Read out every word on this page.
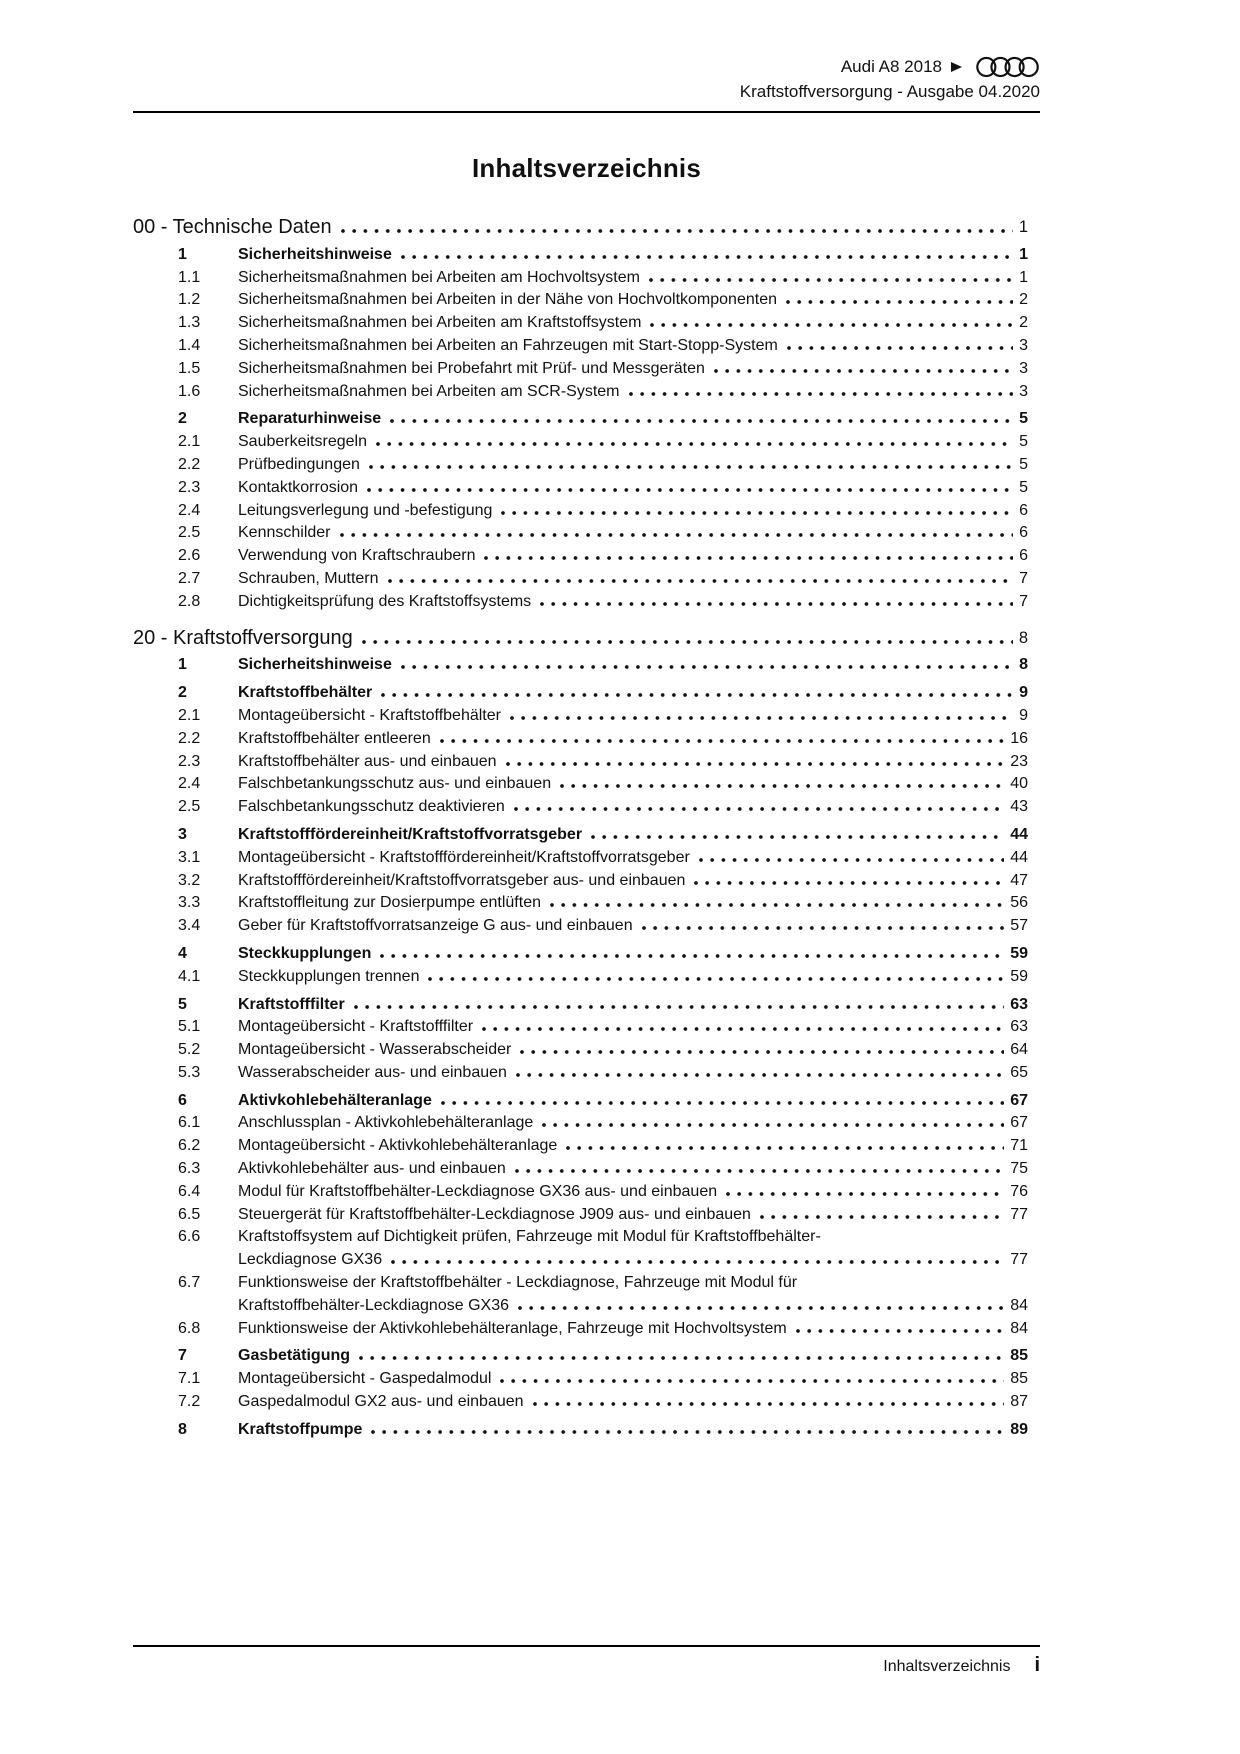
Audi A8 2018
Kraftstoffversorgung - Ausgabe 04.2020
Inhaltsverzeichnis
00 - Technische Daten	1
1	Sicherheitshinweise	1
1.1	Sicherheitsmaßnahmen bei Arbeiten am Hochvoltsystem	1
1.2	Sicherheitsmaßnahmen bei Arbeiten in der Nähe von Hochvoltkomponenten	2
1.3	Sicherheitsmaßnahmen bei Arbeiten am Kraftstoffsystem	2
1.4	Sicherheitsmaßnahmen bei Arbeiten an Fahrzeugen mit Start-Stopp-System	3
1.5	Sicherheitsmaßnahmen bei Probefahrt mit Prüf- und Messgeräten	3
1.6	Sicherheitsmaßnahmen bei Arbeiten am SCR-System	3
2	Reparaturhinweise	5
2.1	Sauberkeitsregeln	5
2.2	Prüfbedingungen	5
2.3	Kontaktkorrosion	5
2.4	Leitungsverlegung und -befestigung	6
2.5	Kennschilder	6
2.6	Verwendung von Kraftschraubern	6
2.7	Schrauben, Muttern	7
2.8	Dichtigkeitsprüfung des Kraftstoffsystems	7
20 - Kraftstoffversorgung	8
1	Sicherheitshinweise	8
2	Kraftstoffbehälter	9
2.1	Montageübersicht - Kraftstoffbehälter	9
2.2	Kraftstoffbehälter entleeren	16
2.3	Kraftstoffbehälter aus- und einbauen	23
2.4	Falschbetankungsschutz aus- und einbauen	40
2.5	Falschbetankungsschutz deaktivieren	43
3	Kraftstofffördereinheit/Kraftstoffvorratsgeber	44
3.1	Montageübersicht - Kraftstofffördereinheit/Kraftstoffvorratsgeber	44
3.2	Kraftstofffördereinheit/Kraftstoffvorratsgeber aus- und einbauen	47
3.3	Kraftstoffleitung zur Dosierpumpe entlüften	56
3.4	Geber für Kraftstoffvorratsanzeige G aus- und einbauen	57
4	Steckkupplungen	59
4.1	Steckkupplungen trennen	59
5	Kraftstofffilter	63
5.1	Montageübersicht - Kraftstofffilter	63
5.2	Montageübersicht - Wasserabscheider	64
5.3	Wasserabscheider aus- und einbauen	65
6	Aktivkohlebehälteranlage	67
6.1	Anschlussplan - Aktivkohlebehälteranlage	67
6.2	Montageübersicht - Aktivkohlebehälteranlage	71
6.3	Aktivkohlebehälter aus- und einbauen	75
6.4	Modul für Kraftstoffbehälter-Leckdiagnose GX36 aus- und einbauen	76
6.5	Steuergerät für Kraftstoffbehälter-Leckdiagnose J909 aus- und einbauen	77
6.6	Kraftstoffsystem auf Dichtigkeit prüfen, Fahrzeuge mit Modul für Kraftstoffbehälter-
Leckdiagnose GX36	77
6.7	Funktionsweise der Kraftstoffbehälter - Leckdiagnose, Fahrzeuge mit Modul für
Kraftstoffbehälter-Leckdiagnose GX36	84
6.8	Funktionsweise der Aktivkohlebehälteranlage, Fahrzeuge mit Hochvoltsystem	84
7	Gasbetätigung	85
7.1	Montageübersicht - Gaspedalmodul	85
7.2	Gaspedalmodul GX2 aus- und einbauen	87
8	Kraftstoffpumpe	89
Inhaltsverzeichnis i
